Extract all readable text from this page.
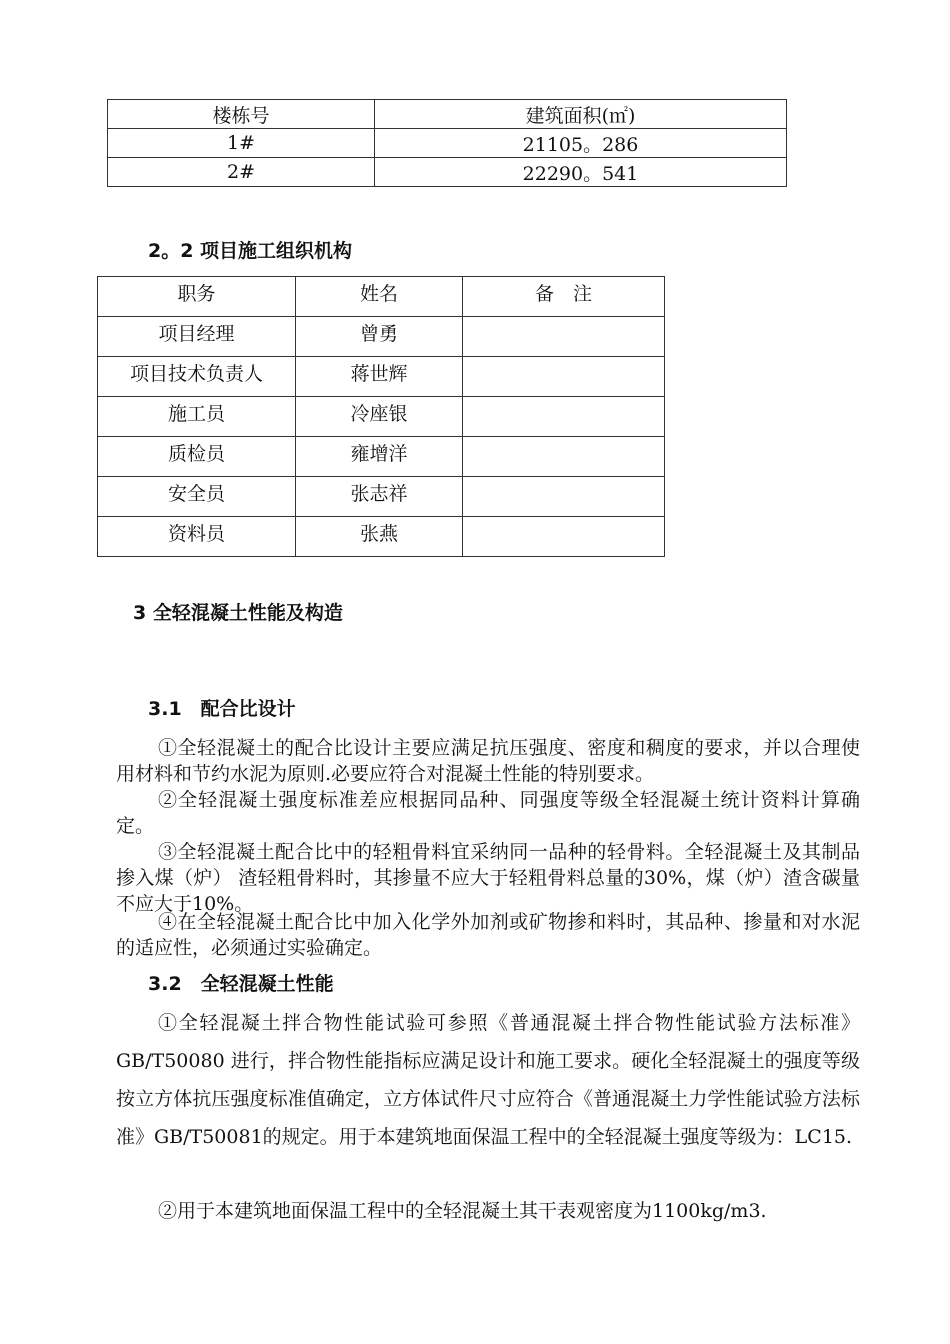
楼栋号	建筑面积(㎡)
1#	21105。286
2#	22290。541
2。2 项目施工组织机构
职务	姓名	备　注
项目经理	曾勇	
项目技术负责人	蒋世辉	
施工员	冷座银	
质检员	雍增洋	
安全员	张志祥	
资料员	张燕	
3 全轻混凝土性能及构造
3.1　配合比设计

①全轻混凝土的配合比设计主要应满足抗压强度、密度和稠度的要求，并以合理使用材料和节约水泥为原则.必要应符合对混凝土性能的特别要求。

②全轻混凝土强度标准差应根据同品种、同强度等级全轻混凝土统计资料计算确定。

③全轻混凝土配合比中的轻粗骨料宜采纳同一品种的轻骨料。全轻混凝土及其制品掺入煤（炉） 渣轻粗骨料时，其掺量不应大于轻粗骨料总量的30%，煤（炉）渣含碳量不应大于10%。

④在全轻混凝土配合比中加入化学外加剂或矿物掺和料时，其品种、掺量和对水泥的适应性，必须通过实验确定。

3.2　全轻混凝土性能

①全轻混凝土拌合物性能试验可参照《普通混凝土拌合物性能试验方法标准》GB/T50080 进行，拌合物性能指标应满足设计和施工要求。硬化全轻混凝土的强度等级按立方体抗压强度标准值确定，立方体试件尺寸应符合《普通混凝土力学性能试验方法标准》GB/T50081的规定。用于本建筑地面保温工程中的全轻混凝土强度等级为：LC15.

②用于本建筑地面保温工程中的全轻混凝土其干表观密度为1100kg/m3.
